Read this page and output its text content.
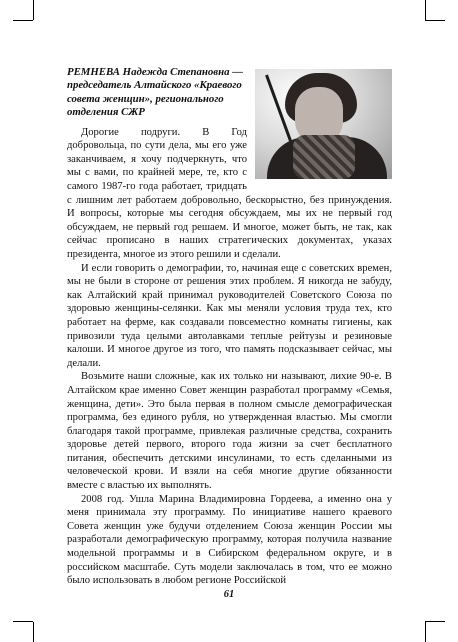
РЕМНЕВА Надежда Степановна — председатель Алтайского «Краевого совета женщин», регионального отделения СЖР

Дорогие подруги. В Год добровольца, по сути дела, мы его уже заканчиваем, я хочу подчеркнуть, что мы с вами, по крайней мере, те, кто с самого 1987-го года работает, тридцать с лишним лет работаем добровольно, бескорыстно, без принуждения. И вопросы, которые мы сегодня обсуждаем, мы их не первый год обсуждаем, не первый год решаем. И многое, может быть, не так, как сейчас прописано в наших стратегических документах, указах президента, многое из этого решили и сделали.

И если говорить о демографии, то, начиная еще с советских времен, мы не были в стороне от решения этих проблем. Я никогда не забуду, как Алтайский край принимал руководителей Советского Союза по здоровью женщины-селянки. Как мы меняли условия труда тех, кто работает на ферме, как создавали повсеместно комнаты гигиены, как привозили туда целыми автолавками теплые рейтузы и резиновые калоши. И многое другое из того, что память подсказывает сейчас, мы делали.

Возьмите наши сложные, как их только ни называют, лихие 90-е. В Алтайском крае именно Совет женщин разработал программу «Семья, женщина, дети». Это была первая в полном смысле демографическая программа, без единого рубля, но утвержденная властью. Мы смогли благодаря такой программе, привлекая различные средства, сохранить здоровье детей первого, второго года жизни за счет бесплатного питания, обеспечить детскими инсулинами, то есть сделанными из человеческой крови. И взяли на себя многие другие обязанности вместе с властью их выполнять.

2008 год. Ушла Марина Владимировна Гордеева, а именно она у меня принимала эту программу. По инициативе нашего краевого Совета женщин уже будучи отделением Союза женщин России мы разработали демографическую программу, которая получила название модельной программы и в Сибирском федеральном округе, и в российском масштабе. Суть модели заключалась в том, что ее можно было использовать в любом регионе Российской

61
